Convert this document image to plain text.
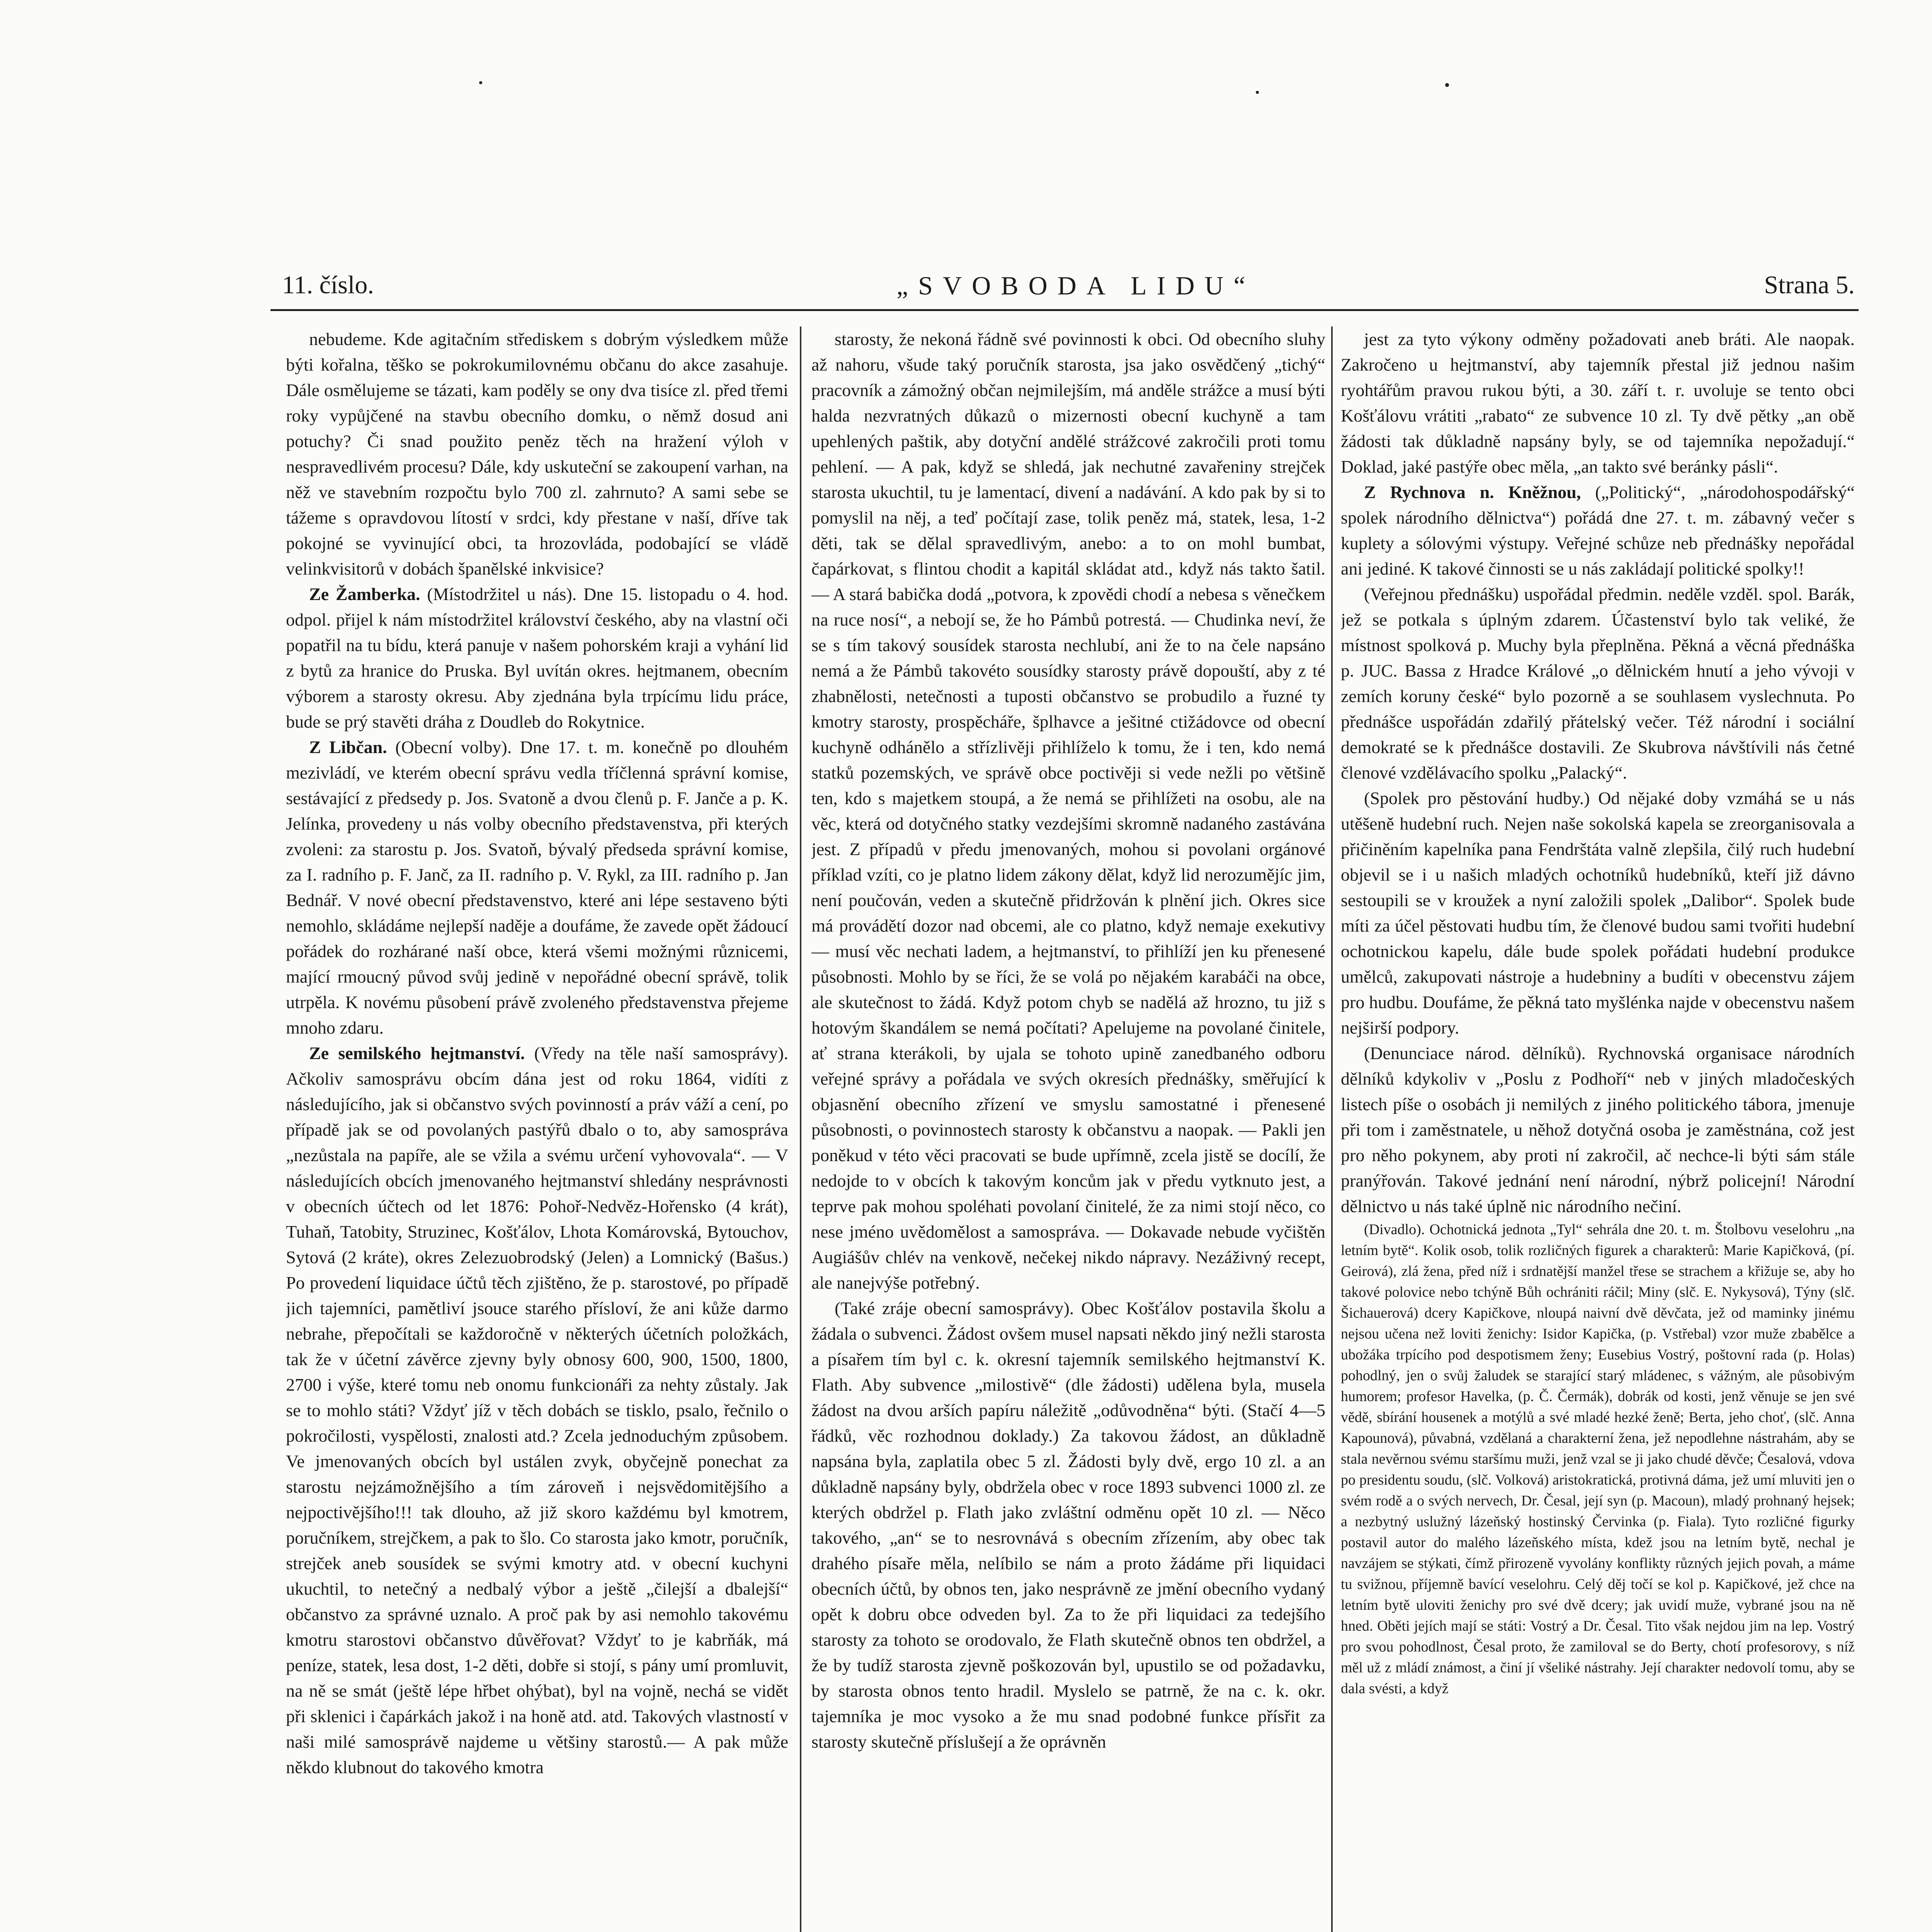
11. číslo.	„SVOBODA LIDU“	Strana 5.

nebudeme. Kde agitačním střediskem s dobrým výsledkem může býti kořalna, těško se pokrokumilovnému občanu do akce zasahuje. Dále osmělujeme se tázati, kam poděly se ony dva tisíce zl. před třemi roky vypůjčené na stavbu obecního domku, o němž dosud ani potuchy? Či snad použito peněz těch na hražení výloh v nespravedlivém procesu? Dále, kdy uskuteční se zakoupení varhan, na něž ve stavebním rozpočtu bylo 700 zl. zahrnuto? A sami sebe se tážeme s opravdovou lítostí v srdci, kdy přestane v naší, dříve tak pokojné se vyvinující obci, ta hrozovláda, podobající se vládě velinkvisitorů v dobách španělské inkvisice?

Ze Žamberka. (Místodržitel u nás). Dne 15. listopadu o 4. hod. odpol. přijel k nám místodržitel království českého, aby na vlastní oči popatřil na tu bídu, která panuje v našem pohorském kraji a vyhání lid z bytů za hranice do Pruska. Byl uvítán okres. hejtmanem, obecním výborem a starosty okresu. Aby zjednána byla trpícímu lidu práce, bude se prý stavěti dráha z Doudleb do Rokytnice.

Z Libčan. (Obecní volby). Dne 17. t. m. konečně po dlouhém mezivládí, ve kterém obecní správu vedla tříčlenná správní komise, sestávající z předsedy p. Jos. Svatoně a dvou členů p. F. Janče a p. K. Jelínka, provedeny u nás volby obecního představenstva, při kterých zvoleni: za starostu p. Jos. Svatoň, bývalý předseda správní komise, za I. radního p. F. Janč, za II. radního p. V. Rykl, za III. radního p. Jan Bednář. V nové obecní představenstvo, které ani lépe sestaveno býti nemohlo, skládáme nejlepší naděje a doufáme, že zavede opět žádoucí pořádek do rozhárané naší obce, která všemi možnými různicemi, mající rmoucný původ svůj jedině v nepořádné obecní správě, tolik utrpěla. K novému působení právě zvoleného představenstva přejeme mnoho zdaru.

Ze semilského hejtmanství. (Vředy na těle naší samosprávy). Ačkoliv samosprávu obcím dána jest od roku 1864, vidíti z následujícího, jak si občanstvo svých povinností a práv váží a cení, po případě jak se od povolaných pastýřů dbalo o to, aby samospráva „nezůstala na papíře, ale se vžila a svému určení vyhovovala“. — V následujících obcích jmenovaného hejtmanství shledány nesprávnosti v obecních účtech od let 1876: Pohoř-Nedvěz-Hořensko (4 krát), Tuhaň, Tatobity, Struzinec, Košťálov, Lhota Komárovská, Bytouchov, Sytová (2 kráte), okres Zelezuobrodský (Jelen) a Lomnický (Bašus.) Po provedení liquidace účtů těch zjištěno, že p. starostové, po případě jich tajemníci, pamětliví jsouce starého přísloví, že ani kůže darmo nebrahe, přepočítali se každoročně v některých účetních položkách, tak že v účetní závěrce zjevny byly obnosy 600, 900, 1500, 1800, 2700 i výše, které tomu neb onomu funkcionáři za nehty zůstaly. Jak se to mohlo státi? Vždyť jíž v těch dobách se tisklo, psalo, řečnilo o pokročilosti, vyspělosti, znalosti atd.? Zcela jednoduchým způsobem. Ve jmenovaných obcích byl ustálen zvyk, obyčejně ponechat za starostu nejzámožnějšího a tím zároveň i nejsvědomitějšího a nejpoctivějšího!!! tak dlouho, až již skoro každému byl kmotrem, poručníkem, strejčkem, a pak to šlo. Co starosta jako kmotr, poručník, strejček aneb sousídek se svými kmotry atd. v obecní kuchyni ukuchtil, to netečný a nedbalý výbor a ještě „čilejší a dbalejší“ občanstvo za správné uznalo. A proč pak by asi nemohlo takovému kmotru starostovi občanstvo důvěřovat? Vždyť to je kabrňák, má peníze, statek, lesa dost, 1-2 děti, dobře si stojí, s pány umí promluvit, na ně se smát (ještě lépe hřbet ohýbat), byl na vojně, nechá se vidět při sklenici i čapárkách jakož i na honě atd. atd. Takových vlastností v naši milé samosprávě najdeme u většiny starostů.— A pak může někdo klubnout do takového kmotra

starosty, že nekoná řádně své povinnosti k obci. Od obecního sluhy až nahoru, všude taký poručník starosta, jsa jako osvědčený „tichý“ pracovník a zámožný občan nejmilejším, má anděle strážce a musí býti halda nezvratných důkazů o mizernosti obecní kuchyně a tam upehlených paštik, aby dotyční andělé strážcové zakročili proti tomu pehlení. — A pak, když se shledá, jak nechutné zavařeniny strejček starosta ukuchtil, tu je lamentací, divení a nadávání. A kdo pak by si to pomyslil na něj, a teď počítají zase, tolik peněz má, statek, lesa, 1-2 děti, tak se dělal spravedlivým, anebo: a to on mohl bumbat, čapárkovat, s flintou chodit a kapitál skládat atd., když nás takto šatil. — A stará babička dodá „potvora, k zpovědi chodí a nebesa s věnečkem na ruce nosí“, a nebojí se, že ho Pámbů potrestá. — Chudinka neví, že se s tím takový sousídek starosta nechlubí, ani že to na čele napsáno nemá a že Pámbů takovéto sousídky starosty právě dopouští, aby z té zhabnělosti, netečnosti a tuposti občanstvo se probudilo a řuzné ty kmotry starosty, prospěcháře, šplhavce a ješitné ctižádovce od obecní kuchyně odhánělo a střízlivěji přihlíželo k tomu, že i ten, kdo nemá statků pozemských, ve správě obce poctivěji si vede nežli po většině ten, kdo s majetkem stoupá, a že nemá se přihlížeti na osobu, ale na věc, která od dotyčného statky vezdejšími skromně nadaného zastávána jest. Z případů v předu jmenovaných, mohou si povolani orgánové příklad vzíti, co je platno lidem zákony dělat, když lid nerozumějíc jim, není poučován, veden a skutečně přidržován k plnění jich. Okres sice má provádětí dozor nad obcemi, ale co platno, když nemaje exekutivy — musí věc nechati ladem, a hejtmanství, to přihlíží jen ku přenesené působnosti. Mohlo by se říci, že se volá po nějakém karabáči na obce, ale skutečnost to žádá. Když potom chyb se nadělá až hrozno, tu již s hotovým škandálem se nemá počítati? Apelujeme na povolané činitele, ať strana kterákoli, by ujala se tohoto upině zanedbaného odboru veřejné správy a pořádala ve svých okresích přednášky, směřující k objasnění obecního zřízení ve smyslu samostatné i přenesené působnosti, o povinnostech starosty k občanstvu a naopak. — Pakli jen poněkud v této věci pracovati se bude upřímně, zcela jistě se docílí, že nedojde to v obcích k takovým koncům jak v předu vytknuto jest, a teprve pak mohou spoléhati povolaní činitelé, že za nimi stojí něco, co nese jméno uvědomělost a samospráva. — Dokavade nebude vyčištěn Augiášův chlév na venkově, nečekej nikdo nápravy. Nezáživný recept, ale nanejvýše potřebný.

(Také zráje obecní samosprávy). Obec Košťálov postavila školu a žádala o subvenci. Žádost ovšem musel napsati někdo jiný nežli starosta a písařem tím byl c. k. okresní tajemník semilského hejtmanství K. Flath. Aby subvence „milostivě“ (dle žádosti) udělena byla, musela žádost na dvou arších papíru náležitě „odůvodněna“ býti. (Stačí 4—5 řádků, věc rozhodnou doklady.) Za takovou žádost, an důkladně napsána byla, zaplatila obec 5 zl. Žádosti byly dvě, ergo 10 zl. a an důkladně napsány byly, obdržela obec v roce 1893 subvenci 1000 zl. ze kterých obdržel p. Flath jako zvláštní odměnu opět 10 zl. — Něco takového, „an“ se to nesrovnává s obecním zřízením, aby obec tak drahého písaře měla, nelíbilo se nám a proto žádáme při liquidaci obecních účtů, by obnos ten, jako nesprávně ze jmění obecního vydaný opět k dobru obce odveden byl. Za to že při liquidaci za tedejšího starosty za tohoto se orodovalo, že Flath skutečně obnos ten obdržel, a že by tudíž starosta zjevně poškozován byl, upustilo se od požadavku, by starosta obnos tento hradil. Myslelo se patrně, že na c. k. okr. tajemníka je moc vysoko a že mu snad podobné funkce přísřit za starosty skutečně příslušejí a že oprávněn

jest za tyto výkony odměny požadovati aneb bráti. Ale naopak. Zakročeno u hejtmanství, aby tajemník přestal již jednou našim ryohtářům pravou rukou býti, a 30. září t. r. uvoluje se tento obci Košťálovu vrátiti „rabato“ ze subvence 10 zl. Ty dvě pětky „an obě žádosti tak důkladně napsány byly, se od tajemníka nepožadují.“ Doklad, jaké pastýře obec měla, „an takto své beránky pásli“.

Z Rychnova n. Kněžnou, („Politický“, „národohospodářský“ spolek národního dělnictva“) pořádá dne 27. t. m. zábavný večer s kuplety a sólovými výstupy. Veřejné schůze neb přednášky nepořádal ani jediné. K takové činnosti se u nás zakládají politické spolky!!

(Veřejnou přednášku) uspořádal předmin. neděle vzděl. spol. Barák, jež se potkala s úplným zdarem. Účastenství bylo tak veliké, že místnost spolková p. Muchy byla přeplněna. Pěkná a věcná přednáška p. JUC. Bassa z Hradce Králové „o dělnickém hnutí a jeho vývoji v zemích koruny české“ bylo pozorně a se souhlasem vyslechnuta. Po přednášce uspořádán zdařilý přátelský večer. Též národní i sociální demokraté se k přednášce dostavili. Ze Skubrova návštívili nás četné členové vzdělávacího spolku „Palacký“.

(Spolek pro pěstování hudby.) Od nějaké doby vzmáhá se u nás utěšeně hudební ruch. Nejen naše sokolská kapela se zreorganisovala a přičiněním kapelníka pana Fendrštáta valně zlepšila, čilý ruch hudební objevil se i u našich mladých ochotníků hudebníků, kteří již dávno sestoupili se v kroužek a nyní založili spolek „Dalibor“. Spolek bude míti za účel pěstovati hudbu tím, že členové budou sami tvořiti hudební ochotnickou kapelu, dále bude spolek pořádati hudební produkce umělců, zakupovati nástroje a hudebniny a budíti v obecenstvu zájem pro hudbu. Doufáme, že pěkná tato myšlénka najde v obecenstvu našem nejširší podpory.

(Denunciace národ. dělníků). Rychnovská organisace národních dělníků kdykoliv v „Poslu z Podhoří“ neb v jiných mladočeských listech píše o osobách ji nemilých z jiného politického tábora, jmenuje při tom i zaměstnatele, u něhož dotyčná osoba je zaměstnána, což jest pro něho pokynem, aby proti ní zakročil, ač nechce-li býti sám stále pranýřován. Takové jednání není národní, nýbrž policejní! Národní dělnictvo u nás také úplně nic národního nečiní.

(Divadlo). Ochotnická jednota „Tyl“ sehrála dne 20. t. m. Štolbovu veselohru „na letním bytě“. Kolik osob, tolik rozličných figurek a charakterů: Marie Kapičková, (pí. Geirová), zlá žena, před níž i srdnatější manžel třese se strachem a křižuje se, aby ho takové polovice nebo tchýně Bůh ochrániti ráčil; Miny (slč. E. Nykysová), Týny (slč. Šichauerová) dcery Kapičkove, nloupá naivní dvě děvčata, jež od maminky jinému nejsou učena než loviti ženichy: Isidor Kapička, (p. Vstřebal) vzor muže zbabělce a ubožáka trpícího pod despotismem ženy; Eusebius Vostrý, poštovní rada (p. Holas) pohodlný, jen o svůj žaludek se starající starý mládenec, s vážným, ale působivým humorem; profesor Havelka, (p. Č. Čermák), dobrák od kosti, jenž věnuje se jen své vědě, sbírání housenek a motýlů a své mladé hezké ženě; Berta, jeho choť, (slč. Anna Kapounová), půvabná, vzdělaná a charakterní žena, jež nepodlehne nástrahám, aby se stala nevěrnou svému staršímu muži, jenž vzal se ji jako chudé děvče; Česalová, vdova po presidentu soudu, (slč. Volková) aristokratická, protivná dáma, jež umí mluviti jen o svém rodě a o svých nervech, Dr. Česal, její syn (p. Macoun), mladý prohnaný hejsek; a nezbytný uslužný lázeňský hostinský Červinka (p. Fiala). Tyto rozličné figurky postavil autor do malého lázeňského místa, kdež jsou na letním bytě, nechal je navzájem se stýkati, čímž přirozeně vyvolány konflikty různých jejich povah, a máme tu svižnou, příjemně bavící veselohru. Celý děj točí se kol p. Kapičkové, jež chce na letním bytě uloviti ženichy pro své dvě dcery; jak uvidí muže, vybrané jsou na ně hned. Oběti jejích mají se státi: Vostrý a Dr. Česal. Tito však nejdou jim na lep. Vostrý pro svou pohodlnost, Česal proto, že zamiloval se do Berty, chotí profesorovy, s níž měl už z mládí známost, a činí jí všeliké nástrahy. Její charakter nedovolí tomu, aby se dala svésti, a když
